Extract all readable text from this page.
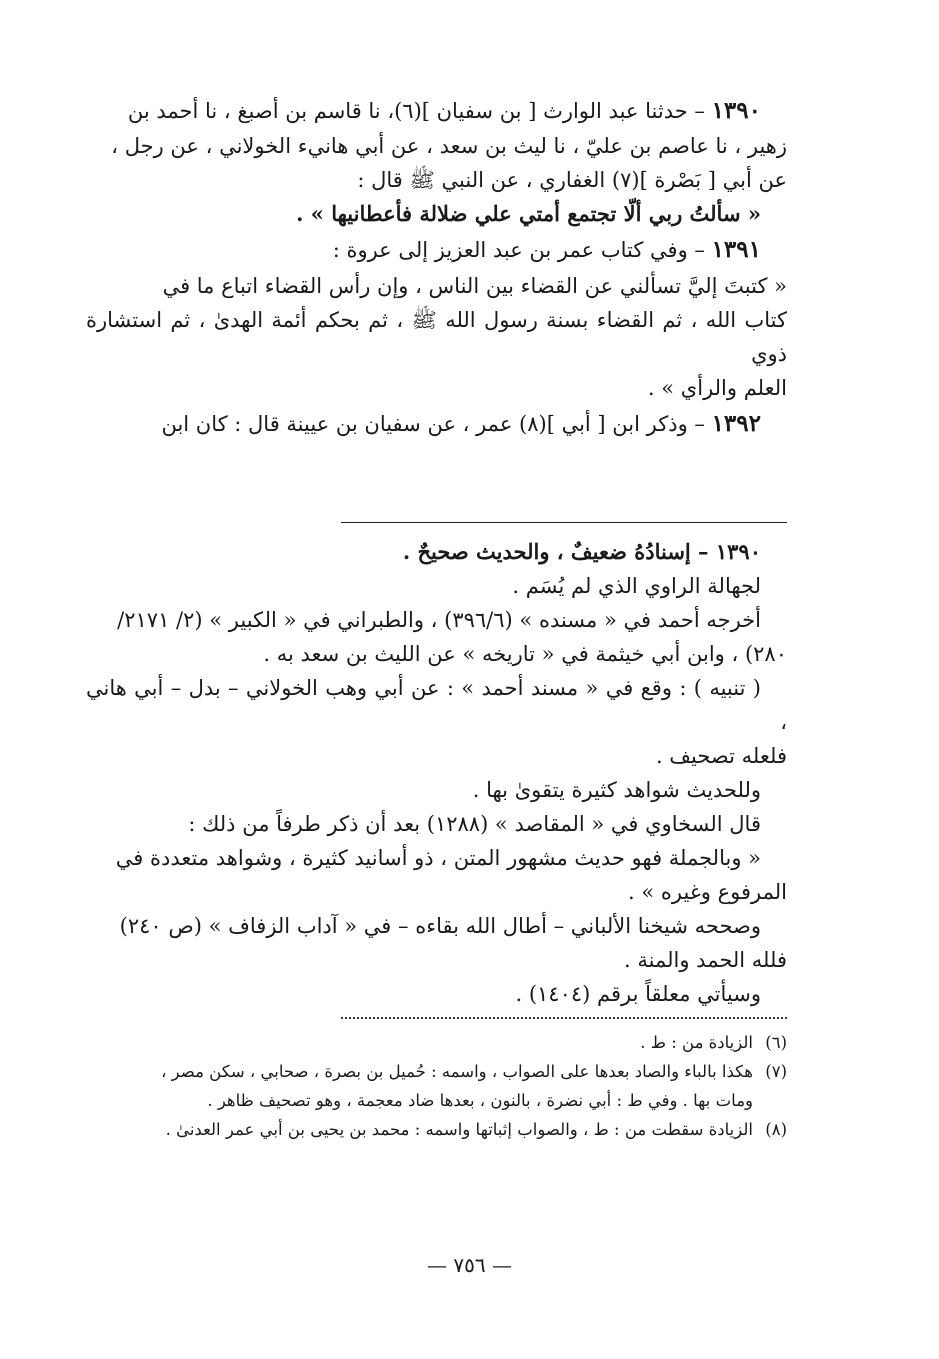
١٣٩٠ – حدثنا عبد الوارث [ بن سفيان ](٦)، نا قاسم بن أصبغ ، نا أحمد بن

زهير ، نا عاصم بن عليّ ، نا ليث بن سعد ، عن أبي هانيء الخولاني ، عن رجل ،

عن أبي [ بَصْرة ](٧) الغفاري ، عن النبي ﷺ قال :

« سألتُ ربي ألّا تجتمع أمتي علي ضلالة فأعطانيها » .

١٣٩١ – وفي كتاب عمر بن عبد العزيز إلى عروة :

« كتبتَ إليَّ تسألني عن القضاء بين الناس ، وإن رأس القضاء اتباع ما في

كتاب الله ، ثم القضاء بسنة رسول الله ﷺ ، ثم بحكم أئمة الهدىٰ ، ثم استشارة ذوي

العلم والرأي » .

١٣٩٢ – وذكر ابن [ أبي ](٨) عمر ، عن سفيان بن عيينة قال : كان ابن

١٣٩٠ – إسنادُهُ ضعيفٌ ، والحديث صحيحٌ .

لجهالة الراوي الذي لم يُسَم .

أخرجه أحمد في « مسنده » (٣٩٦/٦) ، والطبراني في « الكبير » (٢/ ٢١٧١/

٢٨٠) ، وابن أبي خيثمة في « تاريخه » عن الليث بن سعد به .

( تنبيه ) : وقع في « مسند أحمد » : عن أبي وهب الخولاني – بدل – أبي هاني ،

فلعله تصحيف .

وللحديث شواهد كثيرة يتقوىٰ بها .

قال السخاوي في « المقاصد » (١٢٨٨) بعد أن ذكر طرفاً من ذلك :

« وبالجملة فهو حديث مشهور المتن ، ذو أسانيد كثيرة ، وشواهد متعددة في

المرفوع وغيره » .

وصححه شيخنا الألباني – أطال الله بقاءه – في « آداب الزفاف » (ص ٢٤٠)

فلله الحمد والمنة .

وسيأتي معلقاً برقم (١٤٠٤) .

(٦)
الزيادة من : ط .
(٧)
هكذا بالباء والصاد بعدها على الصواب ، واسمه : حُميل بن بصرة ، صحابي ، سكن مصر ،
ومات بها . وفي ط : أبي نضرة ، بالنون ، بعدها ضاد معجمة ، وهو تصحيف ظاهر .
(٨)
الزيادة سقطت من : ط ، والصواب إثباتها واسمه : محمد بن يحيى بن أبي عمر العدنىٰ .
— ٧٥٦ —
